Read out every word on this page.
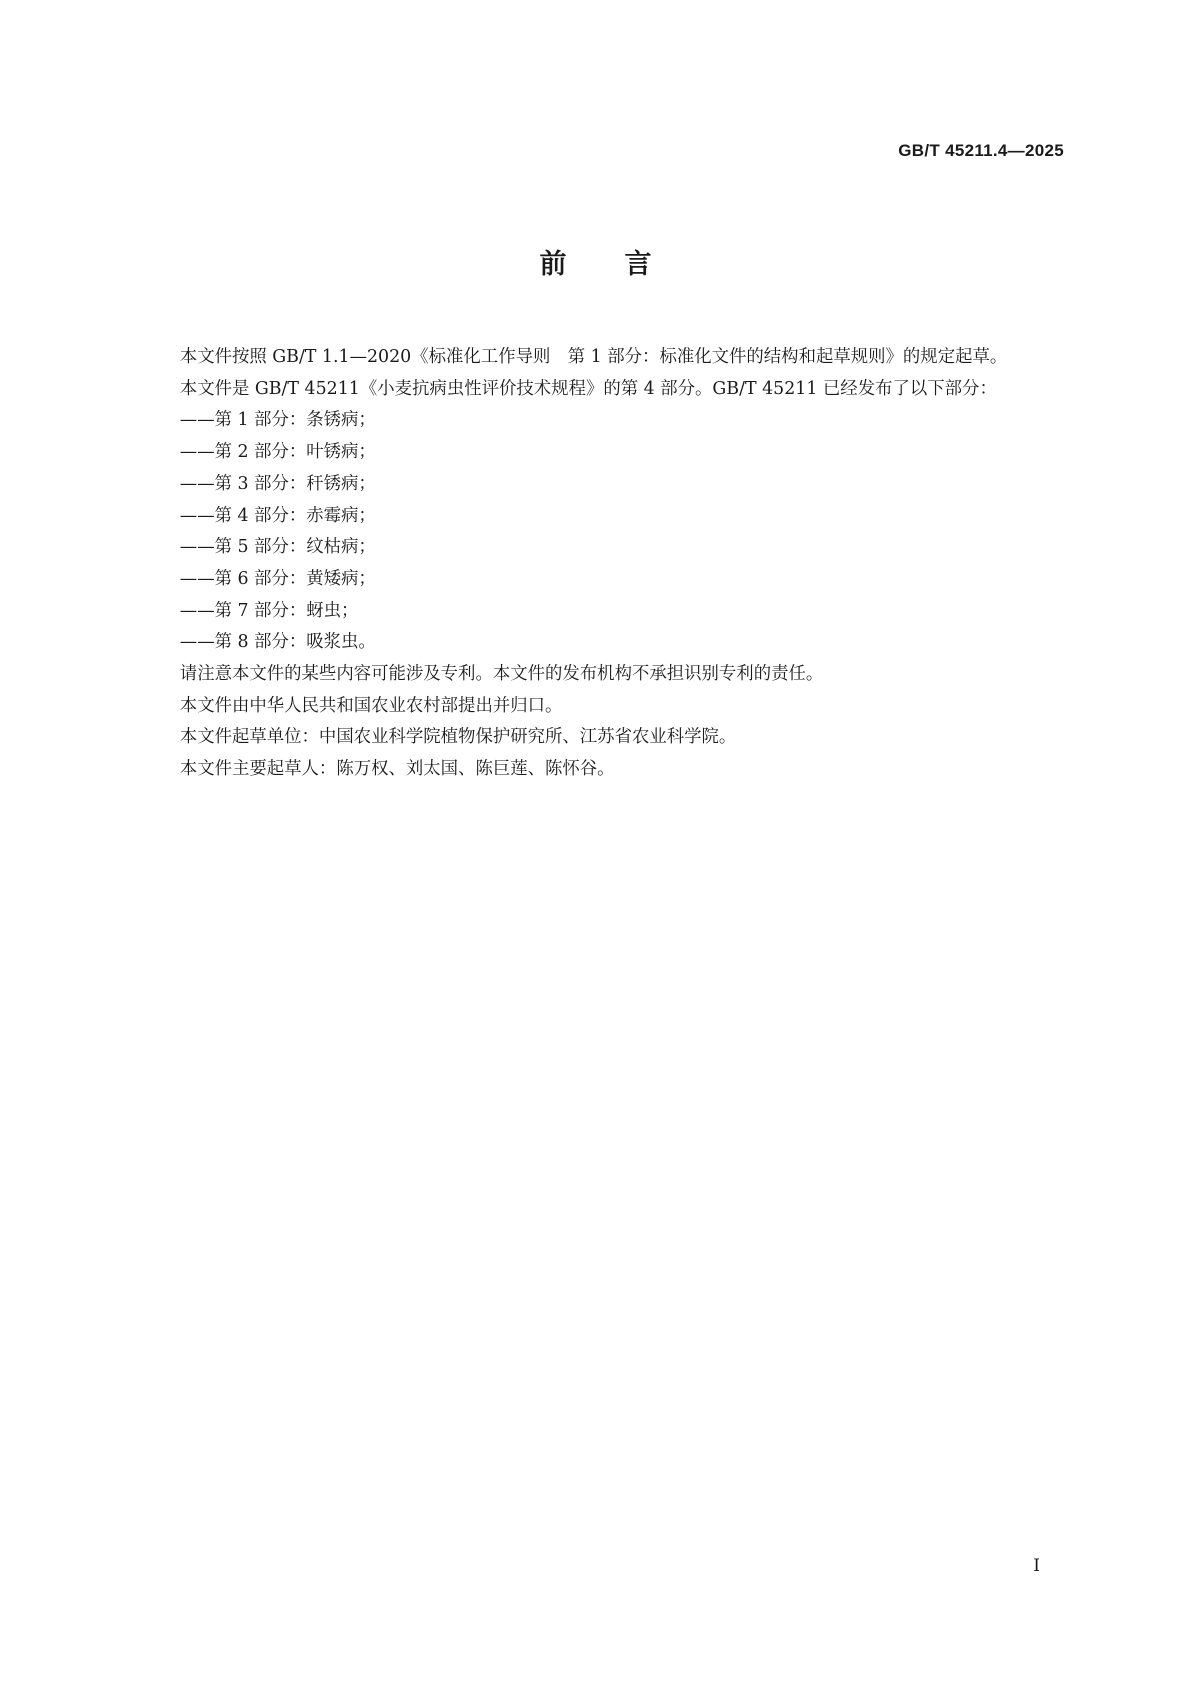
GB/T 45211.4—2025
前言

本文件按照 GB/T 1.1—2020《标准化工作导则　第 1 部分：标准化文件的结构和起草规则》的规定起草。

本文件是 GB/T 45211《小麦抗病虫性评价技术规程》的第 4 部分。GB/T 45211 已经发布了以下部分：

——第 1 部分：条锈病；

——第 2 部分：叶锈病；

——第 3 部分：秆锈病；

——第 4 部分：赤霉病；

——第 5 部分：纹枯病；

——第 6 部分：黄矮病；

——第 7 部分：蚜虫；

——第 8 部分：吸浆虫。

请注意本文件的某些内容可能涉及专利。本文件的发布机构不承担识别专利的责任。

本文件由中华人民共和国农业农村部提出并归口。

本文件起草单位：中国农业科学院植物保护研究所、江苏省农业科学院。

本文件主要起草人：陈万权、刘太国、陈巨莲、陈怀谷。

I
